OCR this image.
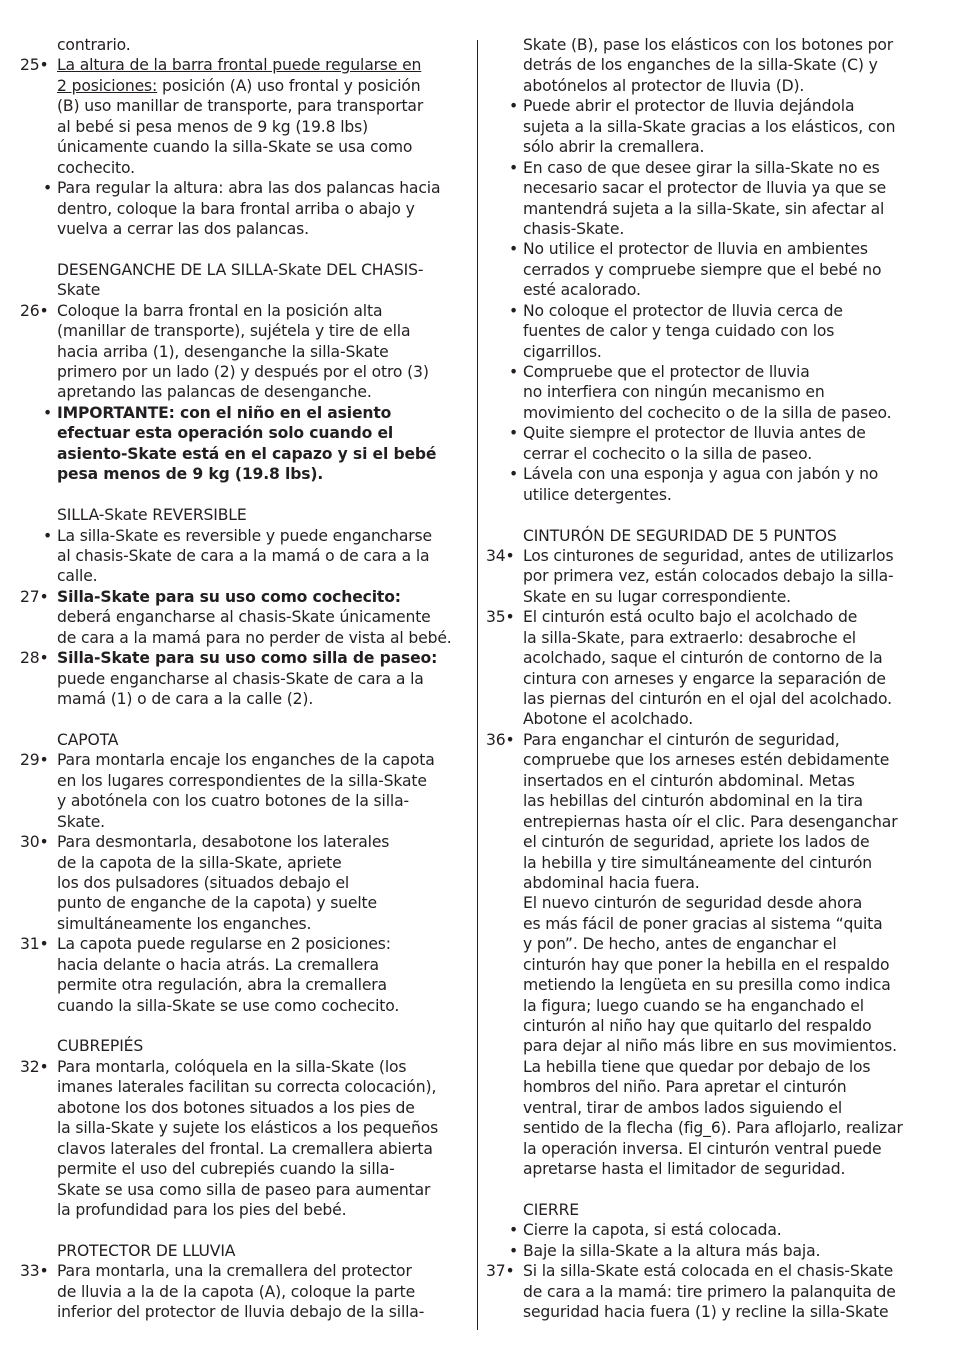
contrario.
25• La altura de la barra frontal puede regularse en
2 posiciones: posición (A) uso frontal y posición
(B) uso manillar de transporte, para transportar
al bebé si pesa menos de 9 kg (19.8 lbs)
únicamente cuando la silla-Skate se usa como
cochecito.
• Para regular la altura: abra las dos palancas hacia
dentro, coloque la bara frontal arriba o abajo y
vuelva a cerrar las dos palancas.
DESENGANCHE DE LA SILLA-Skate DEL CHASIS-
Skate
26• Coloque la barra frontal en la posición alta
(manillar de transporte), sujétela y tire de ella
hacia arriba (1), desenganche la silla-Skate
primero por un lado (2) y después por el otro (3)
apretando las palancas de desenganche.
• IMPORTANTE: con el niño en el asiento
efectuar esta operación solo cuando el
asiento-Skate está en el capazo y si el bebé
pesa menos de 9 kg (19.8 lbs).
SILLA-Skate REVERSIBLE
• La silla-Skate es reversible y puede engancharse
al chasis-Skate de cara a la mamá o de cara a la
calle.
27• Silla-Skate para su uso como cochecito:
deberá engancharse al chasis-Skate únicamente
de cara a la mamá para no perder de vista al bebé.
28• Silla-Skate para su uso como silla de paseo:
puede engancharse al chasis-Skate de cara a la
mamá (1) o de cara a la calle (2).
CAPOTA
29• Para montarla encaje los enganches de la capota
en los lugares correspondientes de la silla-Skate
y abotónela con los cuatro botones de la silla-
Skate.
30• Para desmontarla, desabotone los laterales
de la capota de la silla-Skate, apriete
los dos pulsadores (situados debajo el
punto de enganche de la capota) y suelte
simultáneamente los enganches.
31• La capota puede regularse en 2 posiciones:
hacia delante o hacia atrás. La cremallera
permite otra regulación, abra la cremallera
cuando la silla-Skate se use como cochecito.
CUBREPIÉS
32• Para montarla, colóquela en la silla-Skate (los
imanes laterales facilitan su correcta colocación),
abotone los dos botones situados a los pies de
la silla-Skate y sujete los elásticos a los pequeños
clavos laterales del frontal. La cremallera abierta
permite el uso del cubrepiés cuando la silla-
Skate se usa como silla de paseo para aumentar
la profundidad para los pies del bebé.
PROTECTOR DE LLUVIA
33• Para montarla, una la cremallera del protector
de lluvia a la de la capota (A), coloque la parte
inferior del protector de lluvia debajo de la silla-
Skate (B), pase los elásticos con los botones por
detrás de los enganches de la silla-Skate (C) y
abotónelos al protector de lluvia (D).
• Puede abrir el protector de lluvia dejándola
sujeta a la silla-Skate gracias a los elásticos, con
sólo abrir la cremallera.
• En caso de que desee girar la silla-Skate no es
necesario sacar el protector de lluvia ya que se
mantendrá sujeta a la silla-Skate, sin afectar al
chasis-Skate.
• No utilice el protector de lluvia en ambientes
cerrados y compruebe siempre que el bebé no
esté acalorado.
• No coloque el protector de lluvia cerca de
fuentes de calor y tenga cuidado con los
cigarrillos.
• Compruebe que el protector de lluvia
no interfiera con ningún mecanismo en
movimiento del cochecito o de la silla de paseo.
• Quite siempre el protector de lluvia antes de
cerrar el cochecito o la silla de paseo.
• Lávela con una esponja y agua con jabón y no
utilice detergentes.
CINTURÓN DE SEGURIDAD DE 5 PUNTOS
34• Los cinturones de seguridad, antes de utilizarlos
por primera vez, están colocados debajo la silla-
Skate en su lugar correspondiente.
35• El cinturón está oculto bajo el acolchado de
la silla-Skate, para extraerlo: desabroche el
acolchado, saque el cinturón de contorno de la
cintura con arneses y engarce la separación de
las piernas del cinturón en el ojal del acolchado.
Abotone el acolchado.
36• Para enganchar el cinturón de seguridad,
compruebe que los arneses estén debidamente
insertados en el cinturón abdominal. Metas
las hebillas del cinturón abdominal en la tira
entrepiernas hasta oír el clic. Para desenganchar
el cinturón de seguridad, apriete los lados de
la hebilla y tire simultáneamente del cinturón
abdominal hacia fuera.
El nuevo cinturón de seguridad desde ahora
es más fácil de poner gracias al sistema “quita
y pon”. De hecho, antes de enganchar el
cinturón hay que poner la hebilla en el respaldo
metiendo la lengüeta en su presilla como indica
la figura; luego cuando se ha enganchado el
cinturón al niño hay que quitarlo del respaldo
para dejar al niño más libre en sus movimientos.
La hebilla tiene que quedar por debajo de los
hombros del niño. Para apretar el cinturón
ventral, tirar de ambos lados siguiendo el
sentido de la flecha (fig_6). Para aflojarlo, realizar
la operación inversa. El cinturón ventral puede
apretarse hasta el limitador de seguridad.
CIERRE
• Cierre la capota, si está colocada.
• Baje la silla-Skate a la altura más baja.
37• Si la silla-Skate está colocada en el chasis-Skate
de cara a la mamá: tire primero la palanquita de
seguridad hacia fuera (1) y recline la silla-Skate
